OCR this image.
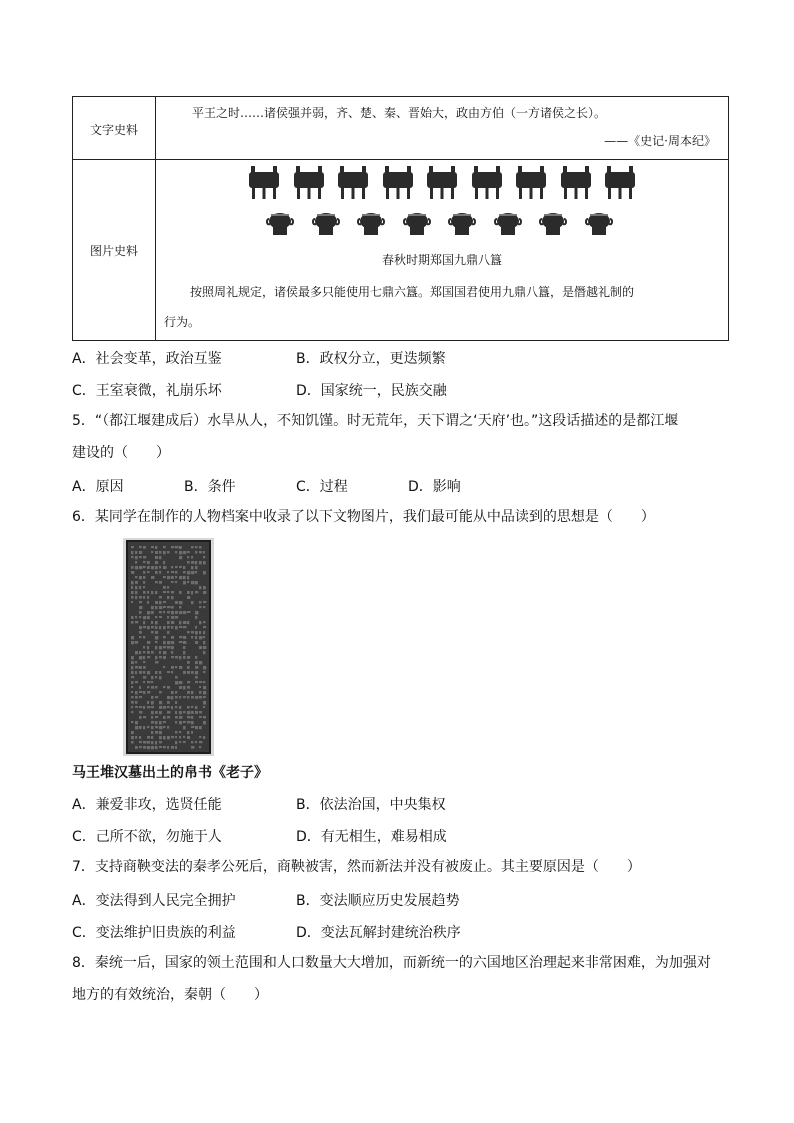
文字史料	平王之时……诸侯强并弱，齐、楚、秦、晋始大，政由方伯（一方诸侯之长）。
——《史记·周本纪》

图片史料	春秋时期郑国九鼎八簋
按照周礼规定，诸侯最多只能使用七鼎六簋。郑国国君使用九鼎八簋，是僭越礼制的
行为。
A．社会变革，政治互鉴	B．政权分立，更迭频繁
C．王室衰微，礼崩乐坏	D．国家统一，民族交融
5．“（都江堰建成后）水旱从人，不知饥馑。时无荒年，天下谓之‘天府’也。”这段话描述的是都江堰
建设的（　　）
A．原因	B．条件	C．过程	D．影响
6．某同学在制作的人物档案中收录了以下文物图片，我们最可能从中品读到的思想是（　　）
马王堆汉墓出土的帛书《老子》
A．兼爱非攻，选贤任能	B．依法治国，中央集权
C．己所不欲，勿施于人	D．有无相生，难易相成
7．支持商鞅变法的秦孝公死后，商鞅被害，然而新法并没有被废止。其主要原因是（　　）
A．变法得到人民完全拥护	B．变法顺应历史发展趋势
C．变法维护旧贵族的利益	D．变法瓦解封建统治秩序
8．秦统一后，国家的领土范围和人口数量大大增加，而新统一的六国地区治理起来非常困难，为加强对
地方的有效统治，秦朝（　　）
